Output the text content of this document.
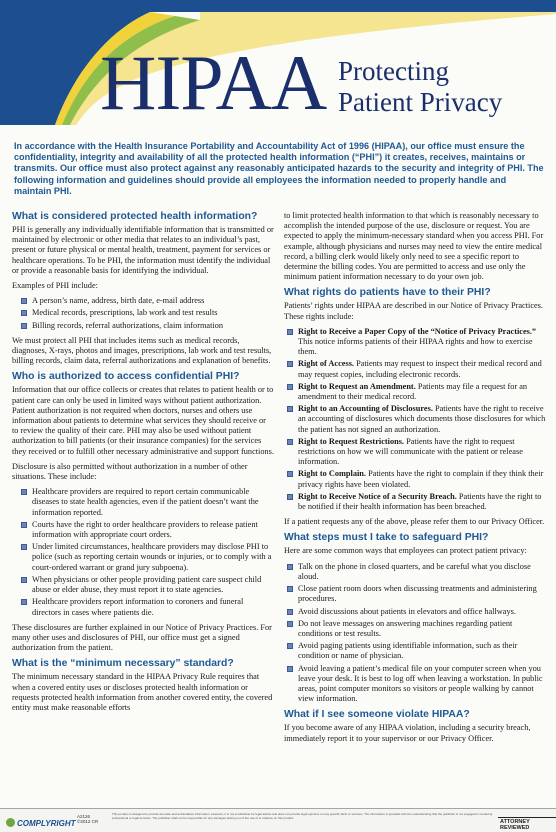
HIPAA Protecting
Patient Privacy
In accordance with the Health Insurance Portability and Accountability Act of 1996 (HIPAA), our office must ensure the confidentiality, integrity and availability of all the protected health information (“PHI”) it creates, receives, maintains or transmits. Our office must also protect against any reasonably anticipated hazards to the security and integrity of PHI. The following information and guidelines should provide all employees the information needed to properly handle and maintain PHI.
What is considered protected health information?

PHI is generally any individually identifiable information that is transmitted or maintained by electronic or other media that relates to an individual’s past, present or future physical or mental health, treatment, payment for services or healthcare operations. To be PHI, the information must identify the individual or provide a reasonable basis for identifying the individual.

Examples of PHI include:

A person’s name, address, birth date, e-mail address
Medical records, prescriptions, lab work and test results
Billing records, referral authorizations, claim information

We must protect all PHI that includes items such as medical records, diagnoses, X-rays, photos and images, prescriptions, lab work and test results, billing records, claim data, referral authorizations and explanation of benefits.

Who is authorized to access confidential PHI?

Information that our office collects or creates that relates to patient health or to patient care can only be used in limited ways without patient authorization. Patient authorization is not required when doctors, nurses and others use information about patients to determine what services they should receive or to review the quality of their care. PHI may also be used without patient authorization to bill patients (or their insurance companies) for the services they received or to fulfill other necessary administrative and support functions.

Disclosure is also permitted without authorization in a number of other situations. These include:

Healthcare providers are required to report certain communicable diseases to state health agencies, even if the patient doesn’t want the information reported.
Courts have the right to order healthcare providers to release patient information with appropriate court orders.
Under limited circumstances, healthcare providers may disclose PHI to police (such as reporting certain wounds or injuries, or to comply with a court-ordered warrant or grand jury subpoena).
When physicians or other people providing patient care suspect child abuse or elder abuse, they must report it to state agencies.
Healthcare providers report information to coroners and funeral directors in cases where patients die.

These disclosures are further explained in our Notice of Privacy Practices. For many other uses and disclosures of PHI, our office must get a signed authorization from the patient.

What is the “minimum necessary” standard?

The minimum necessary standard in the HIPAA Privacy Rule requires that when a covered entity uses or discloses protected health information or requests protected health information from another covered entity, the covered entity must make reasonable efforts

to limit protected health information to that which is reasonably necessary to accomplish the intended purpose of the use, disclosure or request. You are expected to apply the minimum-necessary standard when you access PHI. For example, although physicians and nurses may need to view the entire medical record, a billing clerk would likely only need to see a specific report to determine the billing codes. You are permitted to access and use only the minimum patient information necessary to do your own job.

What rights do patients have to their PHI?

Patients’ rights under HIPAA are described in our Notice of Privacy Practices. These rights include:

Right to Receive a Paper Copy of the “Notice of Privacy Practices.” This notice informs patients of their HIPAA rights and how to exercise them.
Right of Access. Patients may request to inspect their medical record and may request copies, including electronic records.
Right to Request an Amendment. Patients may file a request for an amendment to their medical record.
Right to an Accounting of Disclosures. Patients have the right to receive an accounting of disclosures which documents those disclosures for which the patient has not signed an authorization.
Right to Request Restrictions. Patients have the right to request restrictions on how we will communicate with the patient or release information.
Right to Complain. Patients have the right to complain if they think their privacy rights have been violated.
Right to Receive Notice of a Security Breach. Patients have the right to be notified if their health information has been breached.

If a patient requests any of the above, please refer them to our Privacy Officer.

What steps must I take to safeguard PHI?

Here are some common ways that employees can protect patient privacy:

Talk on the phone in closed quarters, and be careful what you disclose aloud.
Close patient room doors when discussing treatments and administering procedures.
Avoid discussions about patients in elevators and office hallways.
Do not leave messages on answering machines regarding patient conditions or test results.
Avoid paging patients using identifiable information, such as their condition or name of physician.
Avoid leaving a patient’s medical file on your computer screen when you leave your desk. It is best to log off when leaving a workstation. In public areas, point computer monitors so visitors or people walking by cannot view information.
What if I see someone violate HIPAA?

If you become aware of any HIPAA violation, including a security breach, immediately report it to your supervisor or our Privacy Officer.

COMPLYRIGHT
A2126
©2012 CR
This product is designed to provide accurate and authoritative information. However, it is not a substitute for legal advice and does not provide legal opinions on any specific facts or services. The information is provided with the understanding that the publisher is not engaged in rendering professional or legal services. The publisher shall not be responsible for any damages arising out of the use of or reliance on this product.
ATTORNEY REVIEWED
